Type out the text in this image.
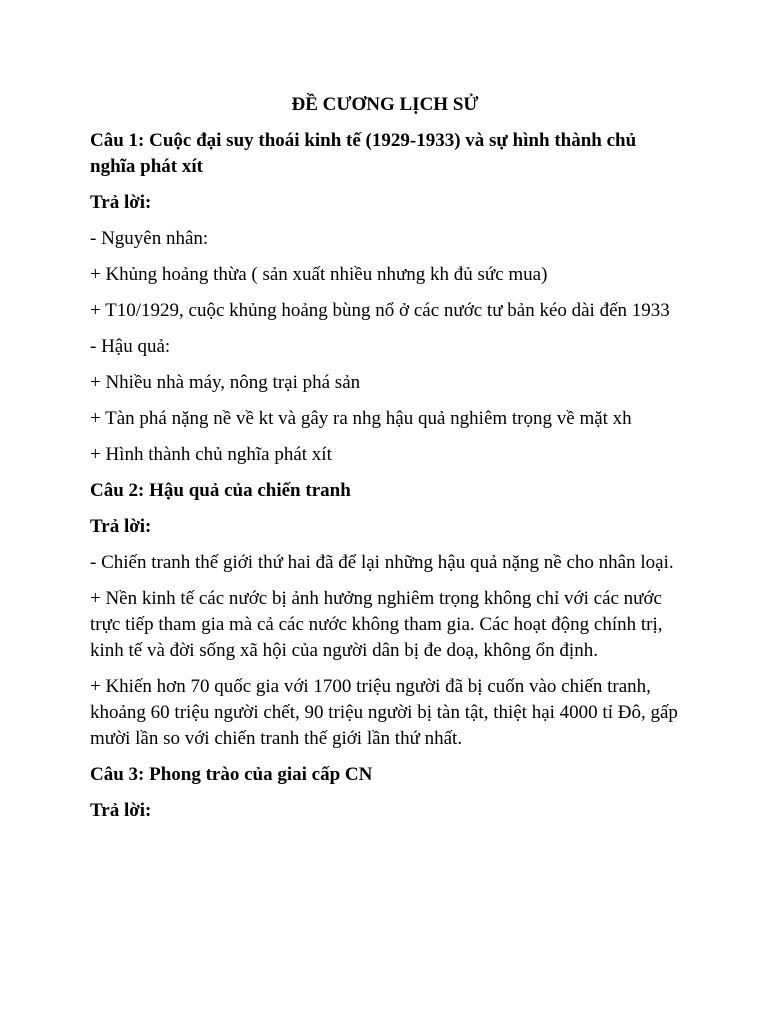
ĐỀ CƯƠNG LỊCH SỬ

Câu 1: Cuộc đại suy thoái kinh tế (1929-1933) và sự hình thành chủ nghĩa phát xít

Trả lời:

- Nguyên nhân:

+ Khủng hoảng thừa ( sản xuất nhiều nhưng kh đủ sức mua)

+ T10/1929, cuộc khủng hoảng bùng nổ ở các nước tư bản kéo dài đến 1933

- Hậu quả:

+ Nhiều nhà máy, nông trại phá sản

+ Tàn phá nặng nề về kt và gây ra nhg hậu quả nghiêm trọng về mặt xh

+ Hình thành chủ nghĩa phát xít

Câu 2: Hậu quả của chiến tranh

Trả lời:

- Chiến tranh thế giới thứ hai đã để lại những hậu quả nặng nề cho nhân loại.

+ Nền kinh tế các nước bị ảnh hưởng nghiêm trọng không chỉ với các nước trực tiếp tham gia mà cả các nước không tham gia. Các hoạt động chính trị, kinh tế và đời sống xã hội của người dân bị đe doạ, không ổn định.

+ Khiến hơn 70 quốc gia với 1700 triệu người đã bị cuốn vào chiến tranh, khoảng 60 triệu người chết, 90 triệu người bị tàn tật, thiệt hại 4000 tỉ Đô, gấp mười lần so với chiến tranh thế giới lần thứ nhất.

Câu 3: Phong trào của giai cấp CN

Trả lời:
